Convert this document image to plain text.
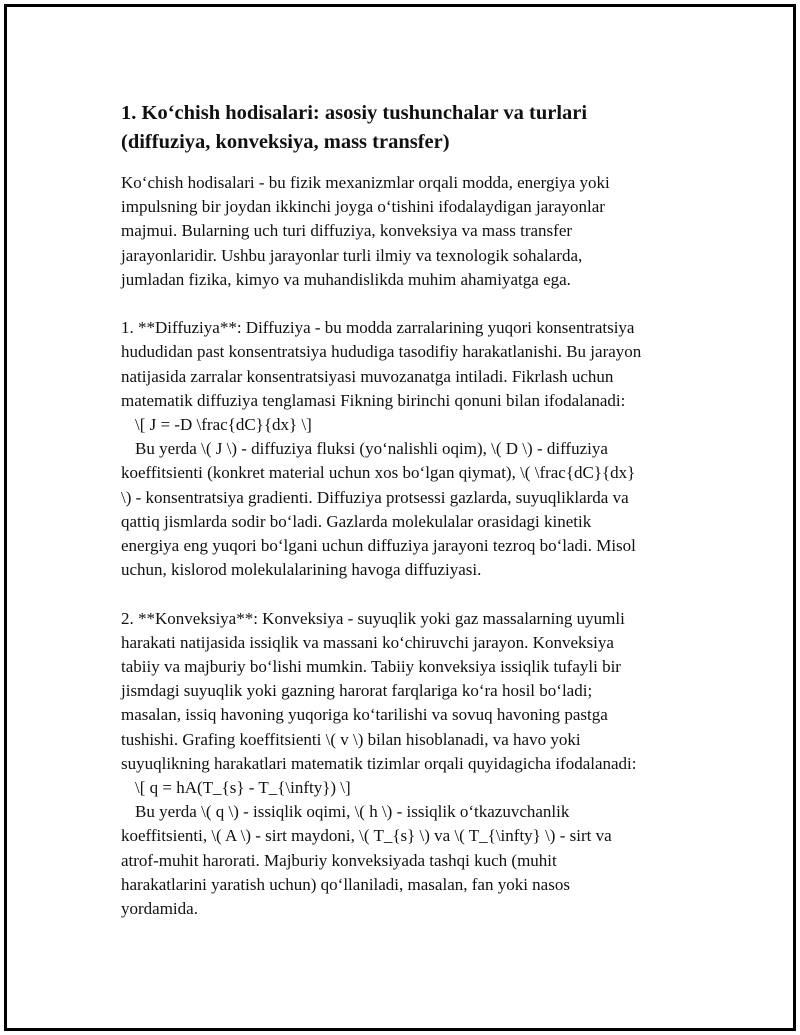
1. Ko‘chish hodisalari: asosiy tushunchalar va turlari
(diffuziya, konveksiya, mass transfer)
Ko‘chish hodisalari - bu fizik mexanizmlar orqali modda, energiya yoki
impulsning bir joydan ikkinchi joyga o‘tishini ifodalaydigan jarayonlar
majmui. Bularning uch turi diffuziya, konveksiya va mass transfer
jarayonlaridir. Ushbu jarayonlar turli ilmiy va texnologik sohalarda,
jumladan fizika, kimyo va muhandislikda muhim ahamiyatga ega.
1. **Diffuziya**: Diffuziya - bu modda zarralarining yuqori konsentratsiya
hududidan past konsentratsiya hududiga tasodifiy harakatlanishi. Bu jarayon
natijasida zarralar konsentratsiyasi muvozanatga intiladi. Fikrlash uchun
matematik diffuziya tenglamasi Fikning birinchi qonuni bilan ifodalanadi:
\[ J = -D \frac{dC}{dx} \]
Bu yerda \( J \) - diffuziya fluksi (yo‘nalishli oqim), \( D \) - diffuziya
koeffitsienti (konkret material uchun xos bo‘lgan qiymat), \( \frac{dC}{dx}
\) - konsentratsiya gradienti. Diffuziya protsessi gazlarda, suyuqliklarda va
qattiq jismlarda sodir bo‘ladi. Gazlarda molekulalar orasidagi kinetik
energiya eng yuqori bo‘lgani uchun diffuziya jarayoni tezroq bo‘ladi. Misol
uchun, kislorod molekulalarining havoga diffuziyasi.
2. **Konveksiya**: Konveksiya - suyuqlik yoki gaz massalarning uyumli
harakati natijasida issiqlik va massani ko‘chiruvchi jarayon. Konveksiya
tabiiy va majburiy bo‘lishi mumkin. Tabiiy konveksiya issiqlik tufayli bir
jismdagi suyuqlik yoki gazning harorat farqlariga ko‘ra hosil bo‘ladi;
masalan, issiq havoning yuqoriga ko‘tarilishi va sovuq havoning pastga
tushishi. Grafing koeffitsienti \( v \) bilan hisoblanadi, va havo yoki
suyuqlikning harakatlari matematik tizimlar orqali quyidagicha ifodalanadi:
\[ q = hA(T_{s} - T_{\infty}) \]
Bu yerda \( q \) - issiqlik oqimi, \( h \) - issiqlik o‘tkazuvchanlik
koeffitsienti, \( A \) - sirt maydoni, \( T_{s} \) va \( T_{\infty} \) - sirt va
atrof-muhit harorati. Majburiy konveksiyada tashqi kuch (muhit
harakatlarini yaratish uchun) qo‘llaniladi, masalan, fan yoki nasos
yordamida.
